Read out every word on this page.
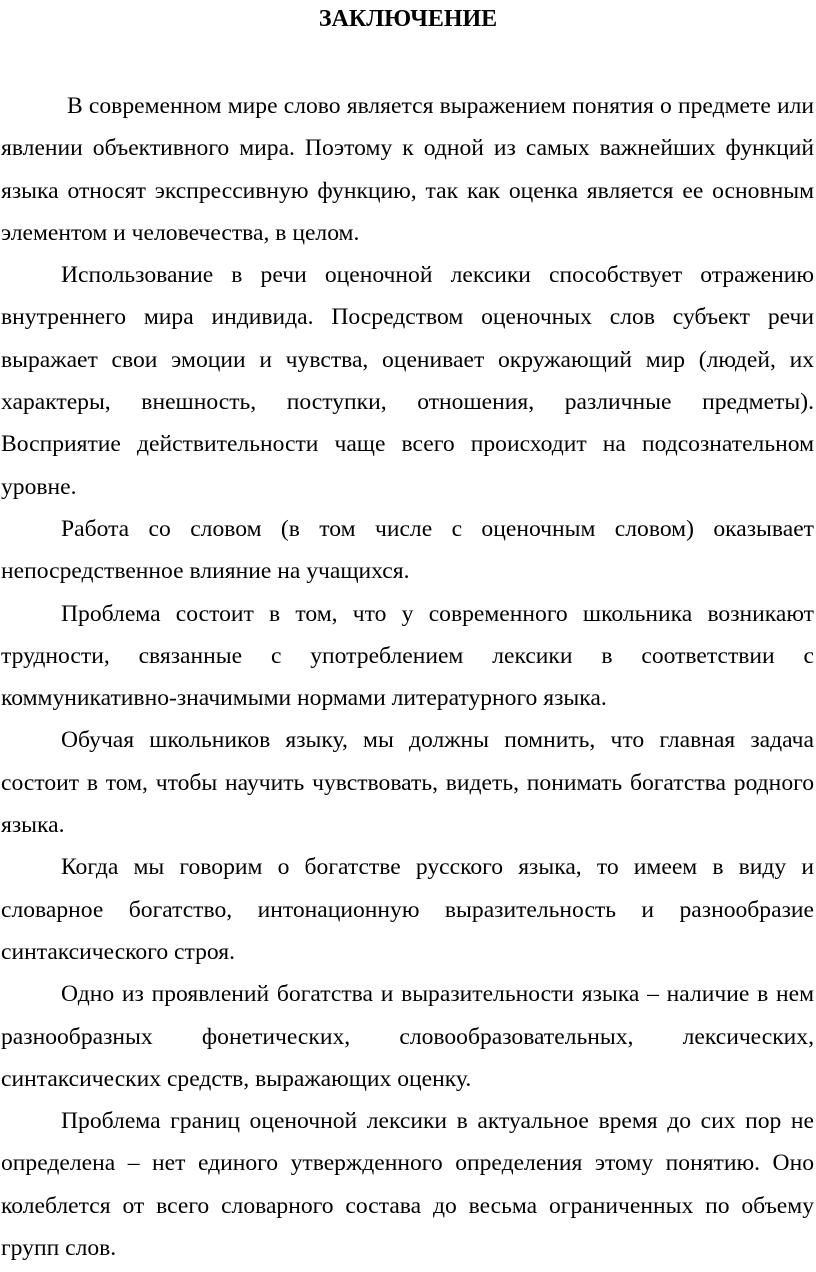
ЗАКЛЮЧЕНИЕ

В современном мире слово является выражением понятия о предмете или явлении объективного мира. Поэтому к одной из самых важнейших функций языка относят экспрессивную функцию, так как оценка является ее основным элементом и человечества, в целом.

Использование в речи оценочной лексики способствует отражению внутреннего мира индивида. Посредством оценочных слов субъект речи выражает свои эмоции и чувства, оценивает окружающий мир (людей, их характеры, внешность, поступки, отношения, различные предметы). Восприятие действительности чаще всего происходит на подсознательном уровне.

Работа со словом (в том числе с оценочным словом) оказывает непосредственное влияние на учащихся.

Проблема состоит в том, что у современного школьника возникают трудности, связанные с употреблением лексики в соответствии с коммуникативно-значимыми нормами литературного языка.

Обучая школьников языку, мы должны помнить, что главная задача состоит в том, чтобы научить чувствовать, видеть, понимать богатства родного языка.

Когда мы говорим о богатстве русского языка, то имеем в виду и словарное богатство, интонационную выразительность и разнообразие синтаксического строя.

Одно из проявлений богатства и выразительности языка – наличие в нем разнообразных фонетических, словообразовательных, лексических, синтаксических средств, выражающих оценку.

Проблема границ оценочной лексики в актуальное время до сих пор не определена – нет единого утвержденного определения этому понятию. Оно колеблется от всего словарного состава до весьма ограниченных по объему групп слов.
